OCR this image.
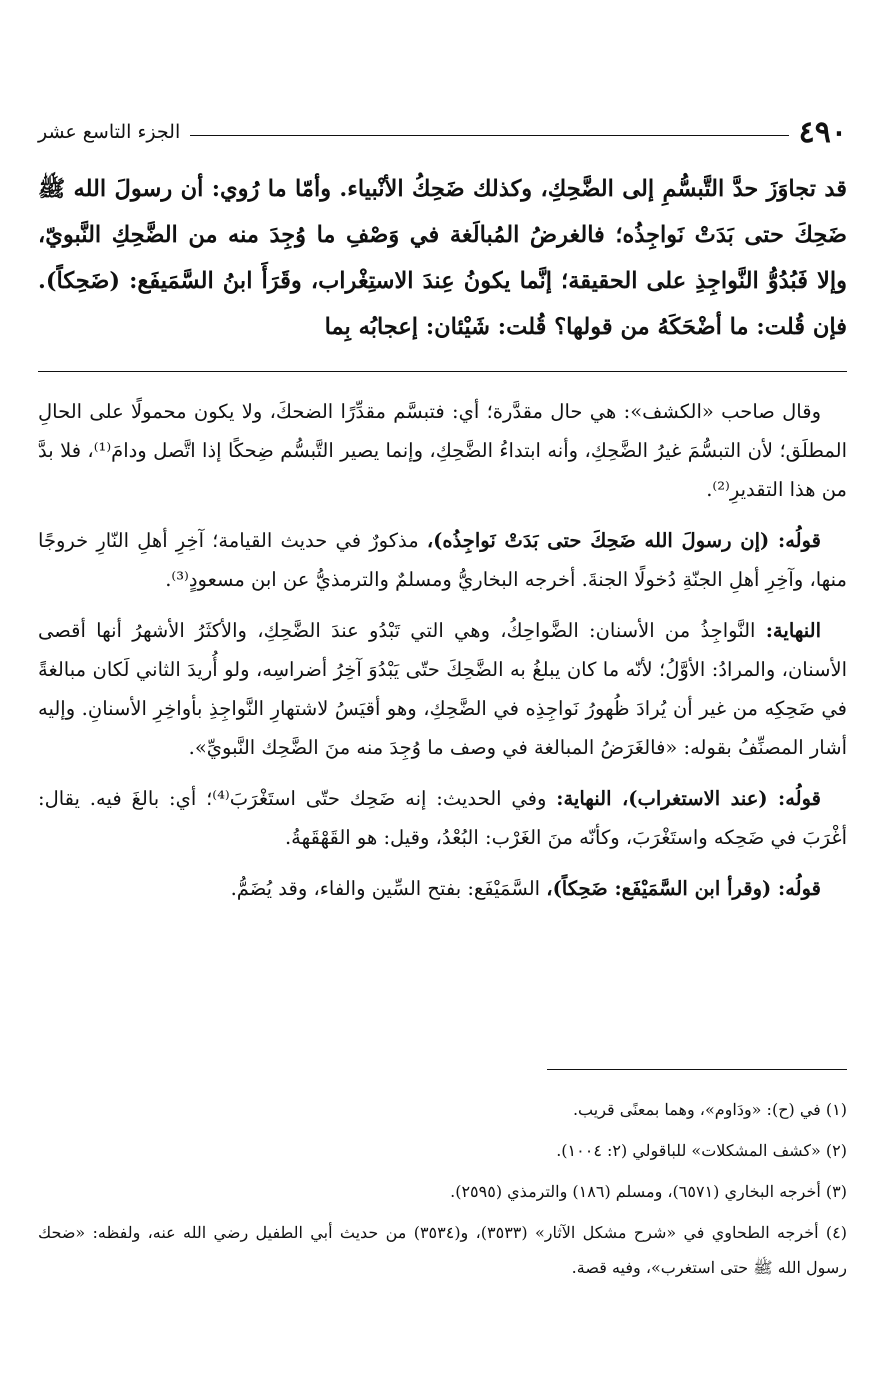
٤٩٠
الجزء التاسع عشر

قد تجاوَزَ حدَّ التَّبسُّمِ إلى الضَّحِكِ، وكذلك ضَحِكُ الأنْبياء. وأمّا ما رُوي: أن رسولَ الله ﷺ ضَحِكَ حتى بَدَتْ نَواجِذُه؛ فالغرضُ المُبالَغة في وَصْفِ ما وُجِدَ منه من الضَّحِكِ النَّبويّ، وإلا فَبُدُوُّ النَّواجِذِ على الحقيقة؛ إنَّما يكونُ عِندَ الاستِغْراب، وقَرَأَ ابنُ السَّمَيفَع: (ضَحِكاً). فإن قُلت: ما أضْحَكَهُ من قولها؟ قُلت: شَيْئان: إعجابُه بِما

وقال صاحب «الكشف»: هي حال مقدَّرة؛ أي: فتبسَّم مقدِّرًا الضحكَ، ولا يكون محمولًا على الحالِ المطلَق؛ لأن التبسُّمَ غيرُ الضَّحِكِ، وأنه ابتداءُ الضَّحِكِ، وإنما يصير التَّبسُّم ضِحكًا إذا اتَّصل ودامَ⁽¹⁾، فلا بدَّ من هذا التقديرِ⁽²⁾.

قولُه: (إن رسولَ الله ضَحِكَ حتى بَدَتْ نَواجِذُه)، مذكورٌ في حديث القيامة؛ آخِرِ أهلِ النّارِ خروجًا منها، وآخِرِ أهلِ الجنّةِ دُخولًا الجنةَ. أخرجه البخاريُّ ومسلمٌ والترمذيُّ عن ابن مسعودٍ⁽³⁾.

النهاية: النَّواجِذُ من الأسنان: الضَّواحِكُ، وهي التي تَبْدُو عندَ الضَّحِكِ، والأكثَرُ الأشهرُ أنها أقصى الأسنان، والمرادُ: الأوَّلُ؛ لأنّه ما كان يبلغُ به الضَّحِكَ حتّى يَبْدُوَ آخِرُ أضراسِه، ولو أُريدَ الثاني لَكان مبالغةً في ضَحِكِه من غير أن يُرادَ ظُهورُ نَواجِذِه في الضَّحِكِ، وهو أقيَسُ لاشتهارِ النَّواجِذِ بأواخِرِ الأسنانِ. وإليه أشار المصنِّفُ بقوله: «فالغَرَضُ المبالغة في وصف ما وُجِدَ منه منَ الضَّحِك النَّبويِّ».

قولُه: (عند الاستغراب)، النهاية: وفي الحديث: إنه ضَحِك حتّى استَغْرَبَ⁽⁴⁾؛ أي: بالغَ فيه. يقال: أغْرَبَ في ضَحِكه واستَغْرَبَ، وكأنّه منَ الغَرْب: البُعْدُ، وقيل: هو القَهْقَهةُ.

قولُه: (وقرأ ابن السَّمَيْفَع: ضَحِكاً)، السَّمَيْفَع: بفتح السِّين والفاء، وقد يُضَمُّ.

(١) في (ح): «ودَاوم»، وهما بمعنًى قريب.

(٢) «كشف المشكلات» للباقولي (٢: ١٠٠٤).

(٣) أخرجه البخاري (٦٥٧١)، ومسلم (١٨٦) والترمذي (٢٥٩٥).

(٤) أخرجه الطحاوي في «شرح مشكل الآثار» (٣٥٣٣)، و(٣٥٣٤) من حديث أبي الطفيل رضي الله عنه، ولفظه: «ضحك رسول الله ﷺ حتى استغرب»، وفيه قصة.
